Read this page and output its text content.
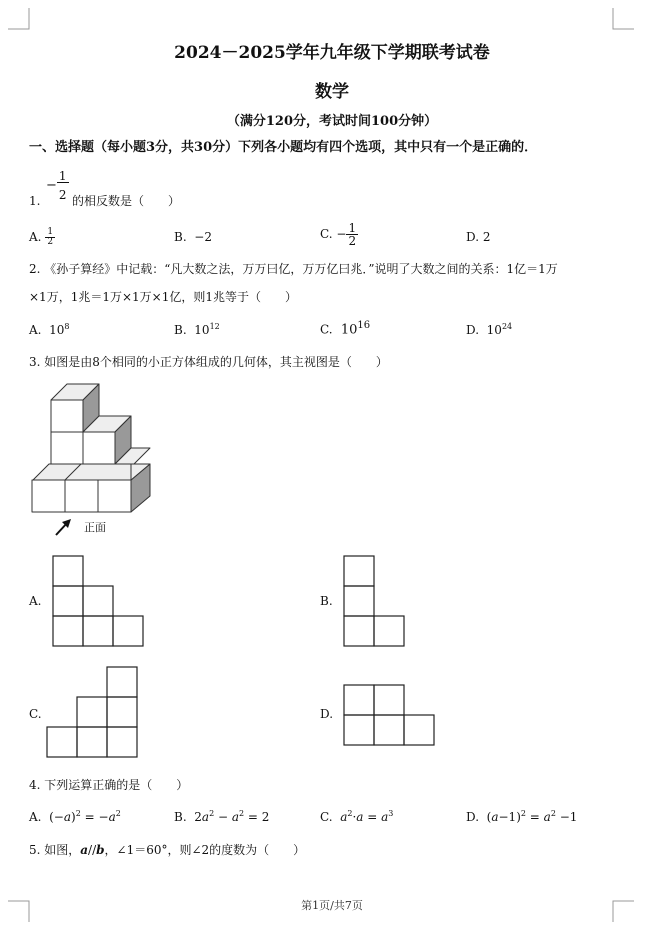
2024－2025学年九年级下学期联考试卷
数学
（满分120分，考试时间100分钟）
一、选择题（每小题3分，共30分）下列各小题均有四个选项，其中只有一个是正确的．
1.
− $\frac{1}{2}$ 的相反数是（　　）
A. $\frac{1}{2}$	B. −2	C. − $\frac{1}{2}$	D. 2
2. 《孙子算经》中记载：“凡大数之法，万万曰亿，万万亿曰兆．”说明了大数之间的关系：1亿＝1万
×1万，1兆＝1万×1万×1亿，则1兆等于（　　）
A. $10^8$	B. $10^{12}$	C. $10^{16}$	D. $10^{24}$
3. 如图是由8个相同的小正方体组成的几何体，其主视图是（　　）
正面
A.	B.
C.	D.
4. 下列运算正确的是（　　）
A. $(-a)^2 = -a^2$	B. $2a^2 - a^2 = 2$	C. $a^2\cdot a = a^3$	D. $(a-1)^2 = a^2 -1$
5. 如图，a//b，∠1＝60°，则∠2的度数为（　　）
第1页/共7页
